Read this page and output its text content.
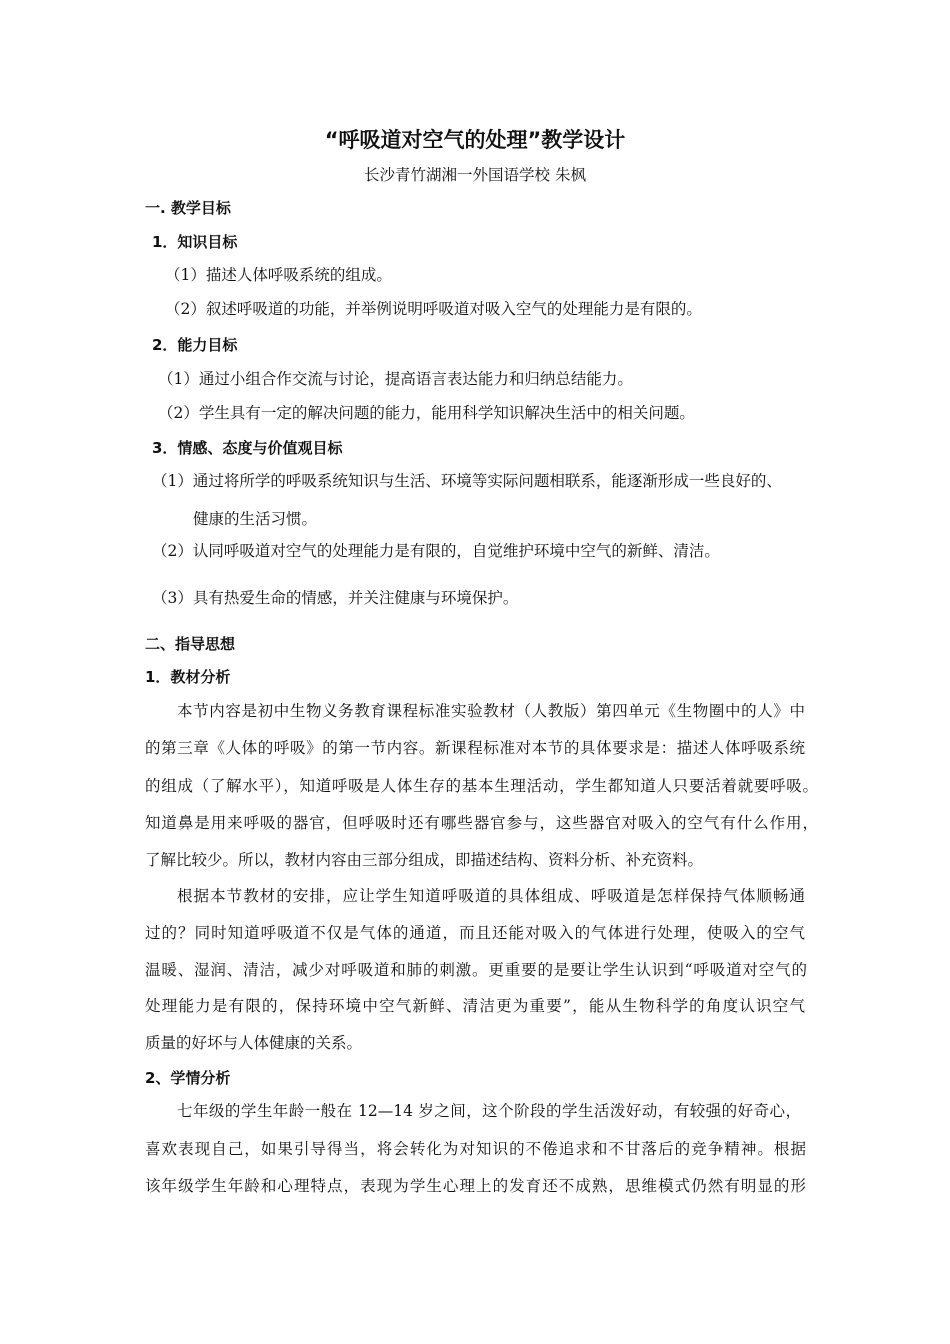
“呼吸道对空气的处理”教学设计
长沙青竹湖湘一外国语学校 朱枫
一. 教学目标
1．知识目标
（1）描述人体呼吸系统的组成。
（2）叙述呼吸道的功能，并举例说明呼吸道对吸入空气的处理能力是有限的。
2．能力目标
（1）通过小组合作交流与讨论，提高语言表达能力和归纳总结能力。
（2）学生具有一定的解决问题的能力，能用科学知识解决生活中的相关问题。
3．情感、态度与价值观目标
（1）通过将所学的呼吸系统知识与生活、环境等实际问题相联系，能逐渐形成一些良好的、
健康的生活习惯。
（2）认同呼吸道对空气的处理能力是有限的，自觉维护环境中空气的新鲜、清洁。
（3）具有热爱生命的情感，并关注健康与环境保护。
二、指导思想
1．教材分析
本节内容是初中生物义务教育课程标准实验教材（人教版）第四单元《生物圈中的人》中
的第三章《人体的呼吸》的第一节内容。新课程标准对本节的具体要求是：描述人体呼吸系统
的组成（了解水平），知道呼吸是人体生存的基本生理活动，学生都知道人只要活着就要呼吸。
知道鼻是用来呼吸的器官，但呼吸时还有哪些器官参与，这些器官对吸入的空气有什么作用，
了解比较少。所以，教材内容由三部分组成，即描述结构、资料分析、补充资料。
根据本节教材的安排，应让学生知道呼吸道的具体组成、呼吸道是怎样保持气体顺畅通
过的？同时知道呼吸道不仅是气体的通道，而且还能对吸入的气体进行处理，使吸入的空气
温暖、湿润、清洁，减少对呼吸道和肺的刺激。更重要的是要让学生认识到“呼吸道对空气的
处理能力是有限的，保持环境中空气新鲜、清洁更为重要”，能从生物科学的角度认识空气
质量的好坏与人体健康的关系。
2、学情分析
七年级的学生年龄一般在 12—14 岁之间，这个阶段的学生活泼好动，有较强的好奇心，
喜欢表现自己，如果引导得当，将会转化为对知识的不倦追求和不甘落后的竞争精神。根据
该年级学生年龄和心理特点，表现为学生心理上的发育还不成熟，思维模式仍然有明显的形
